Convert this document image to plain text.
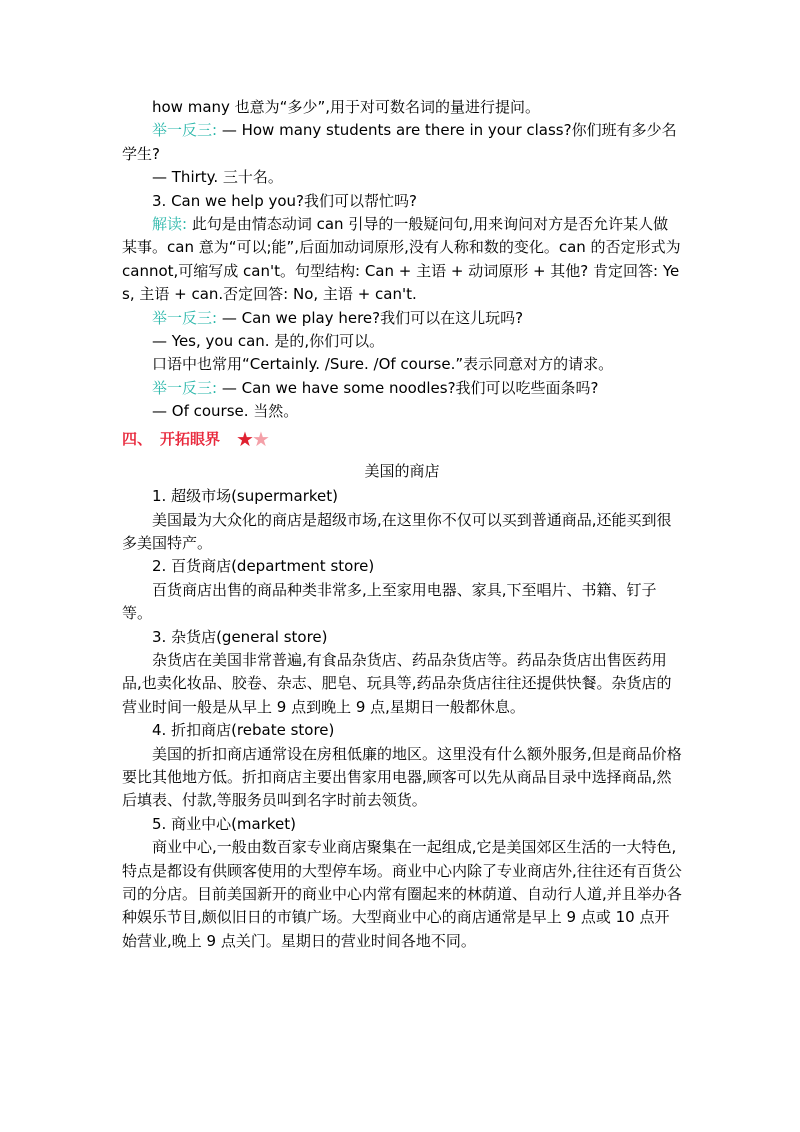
how many 也意为“多少”,用于对可数名词的量进行提问。

举一反三: — How many students are there in your class?你们班有多少名学生?

— Thirty. 三十名。

3. Can we help you?我们可以帮忙吗?

解读: 此句是由情态动词 can 引导的一般疑问句,用来询问对方是否允许某人做某事。can 意为“可以;能”,后面加动词原形,没有人称和数的变化。can 的否定形式为 cannot,可缩写成 can't。句型结构: Can + 主语 + 动词原形 + 其他? 肯定回答: Yes, 主语 + can.否定回答: No, 主语 + can't.

举一反三: — Can we play here?我们可以在这儿玩吗?

— Yes, you can. 是的,你们可以。

口语中也常用“Certainly. /Sure. /Of course.”表示同意对方的请求。

举一反三: — Can we have some noodles?我们可以吃些面条吗?

— Of course. 当然。

四、 开拓眼界 ★
★

美国的商店

1. 超级市场(supermarket)

美国最为大众化的商店是超级市场,在这里你不仅可以买到普通商品,还能买到很多美国特产。

2. 百货商店(department store)

百货商店出售的商品种类非常多,上至家用电器、家具,下至唱片、书籍、钉子等。

3. 杂货店(general store)

杂货店在美国非常普遍,有食品杂货店、药品杂货店等。药品杂货店出售医药用品,也卖化妆品、胶卷、杂志、肥皂、玩具等,药品杂货店往往还提供快餐。杂货店的营业时间一般是从早上 9 点到晚上 9 点,星期日一般都休息。

4. 折扣商店(rebate store)

美国的折扣商店通常设在房租低廉的地区。这里没有什么额外服务,但是商品价格要比其他地方低。折扣商店主要出售家用电器,顾客可以先从商品目录中选择商品,然后填表、付款,等服务员叫到名字时前去领货。

5. 商业中心(market)

商业中心,一般由数百家专业商店聚集在一起组成,它是美国郊区生活的一大特色,特点是都设有供顾客使用的大型停车场。商业中心内除了专业商店外,往往还有百货公司的分店。目前美国新开的商业中心内常有圈起来的林荫道、自动行人道,并且举办各种娱乐节目,颇似旧日的市镇广场。大型商业中心的商店通常是早上 9 点或 10 点开始营业,晚上 9 点关门。星期日的营业时间各地不同。
